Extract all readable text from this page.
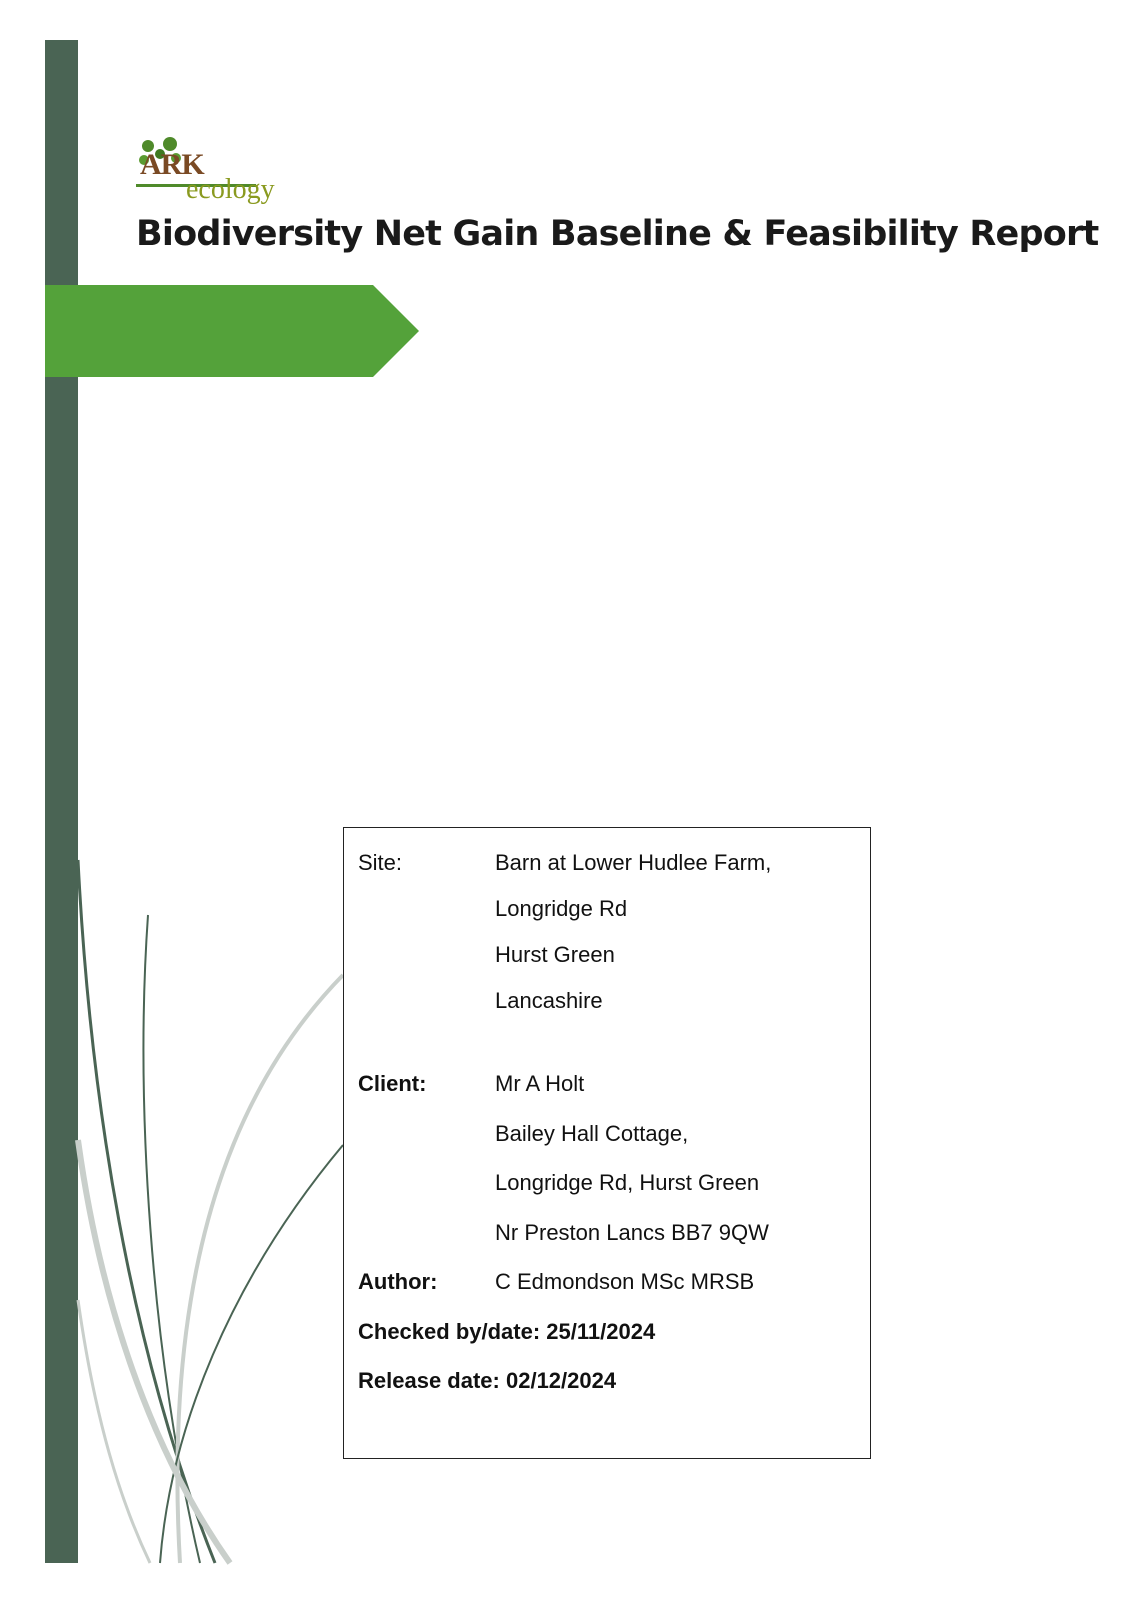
ARK
ecology
Biodiversity Net Gain Baseline & Feasibility Report
Site:	Barn at Lower Hudlee Farm,
Longridge Rd
Hurst Green
Lancashire
Client:	Mr A Holt
Bailey Hall Cottage,
Longridge Rd, Hurst Green
Nr Preston Lancs BB7 9QW
Author:	C Edmondson MSc MRSB
Checked by/date: 25/11/2024
Release date: 02/12/2024
